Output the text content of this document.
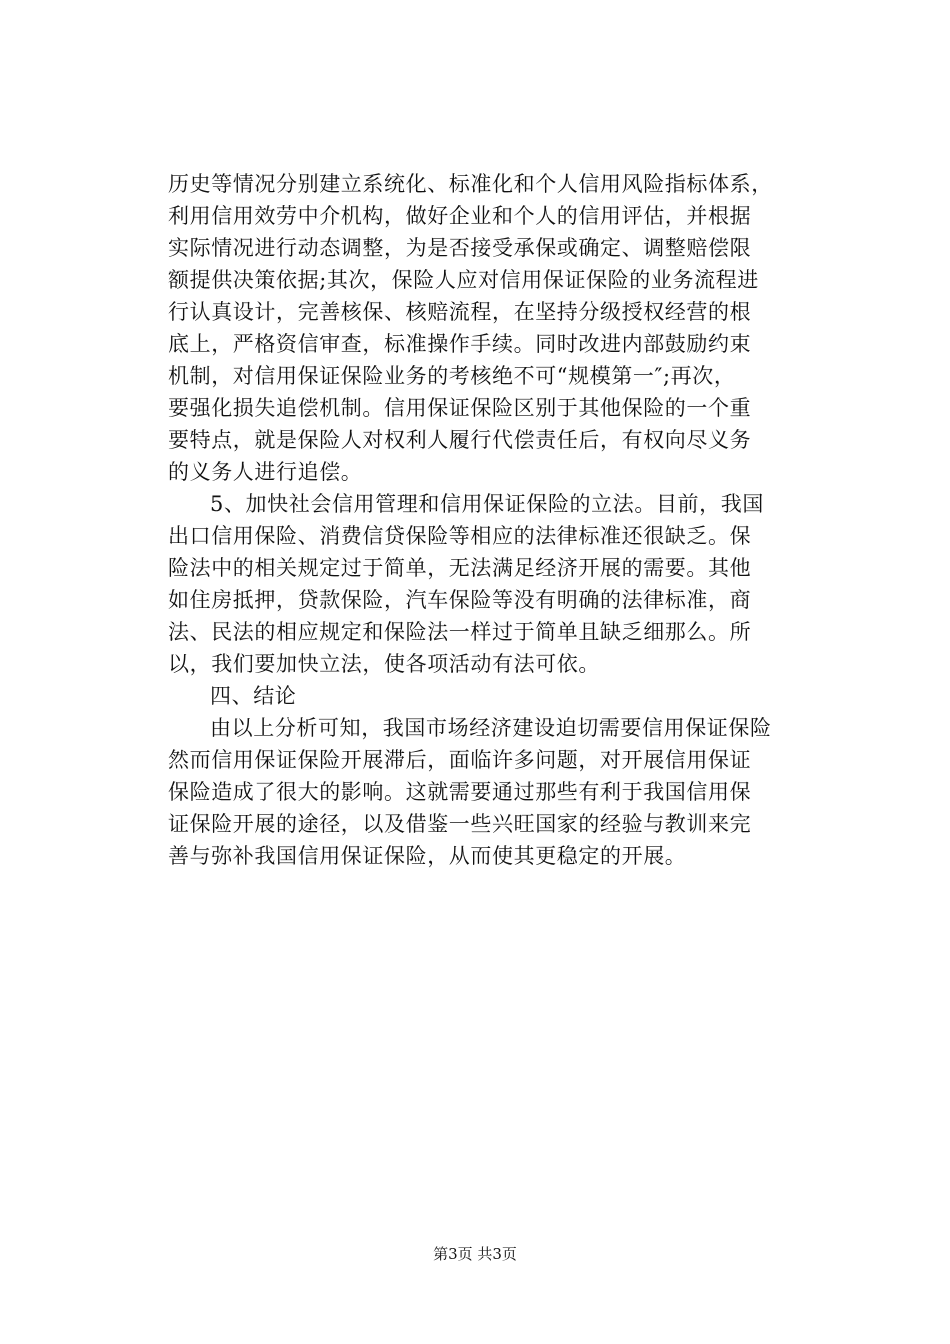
历史等情况分别建立系统化、标准化和个人信用风险指标体系，
利用信用效劳中介机构，做好企业和个人的信用评估，并根据
实际情况进行动态调整，为是否接受承保或确定、调整赔偿限
额提供决策依据;其次，保险人应对信用保证保险的业务流程进
行认真设计，完善核保、核赔流程，在坚持分级授权经营的根
底上，严格资信审查，标准操作手续。同时改进内部鼓励约束
机制，对信用保证保险业务的考核绝不可“规模第一″;再次，
要强化损失追偿机制。信用保证保险区别于其他保险的一个重
要特点，就是保险人对权利人履行代偿责任后，有权向尽义务
的义务人进行追偿。
5、加快社会信用管理和信用保证保险的立法。目前，我国
出口信用保险、消费信贷保险等相应的法律标准还很缺乏。保
险法中的相关规定过于简单，无法满足经济开展的需要。其他
如住房抵押，贷款保险，汽车保险等没有明确的法律标准，商
法、民法的相应规定和保险法一样过于简单且缺乏细那么。所
以，我们要加快立法，使各项活动有法可依。
四、结论
由以上分析可知，我国市场经济建设迫切需要信用保证保险
然而信用保证保险开展滞后，面临许多问题，对开展信用保证
保险造成了很大的影响。这就需要通过那些有利于我国信用保
证保险开展的途径，以及借鉴一些兴旺国家的经验与教训来完
善与弥补我国信用保证保险，从而使其更稳定的开展。
第3页 共3页
